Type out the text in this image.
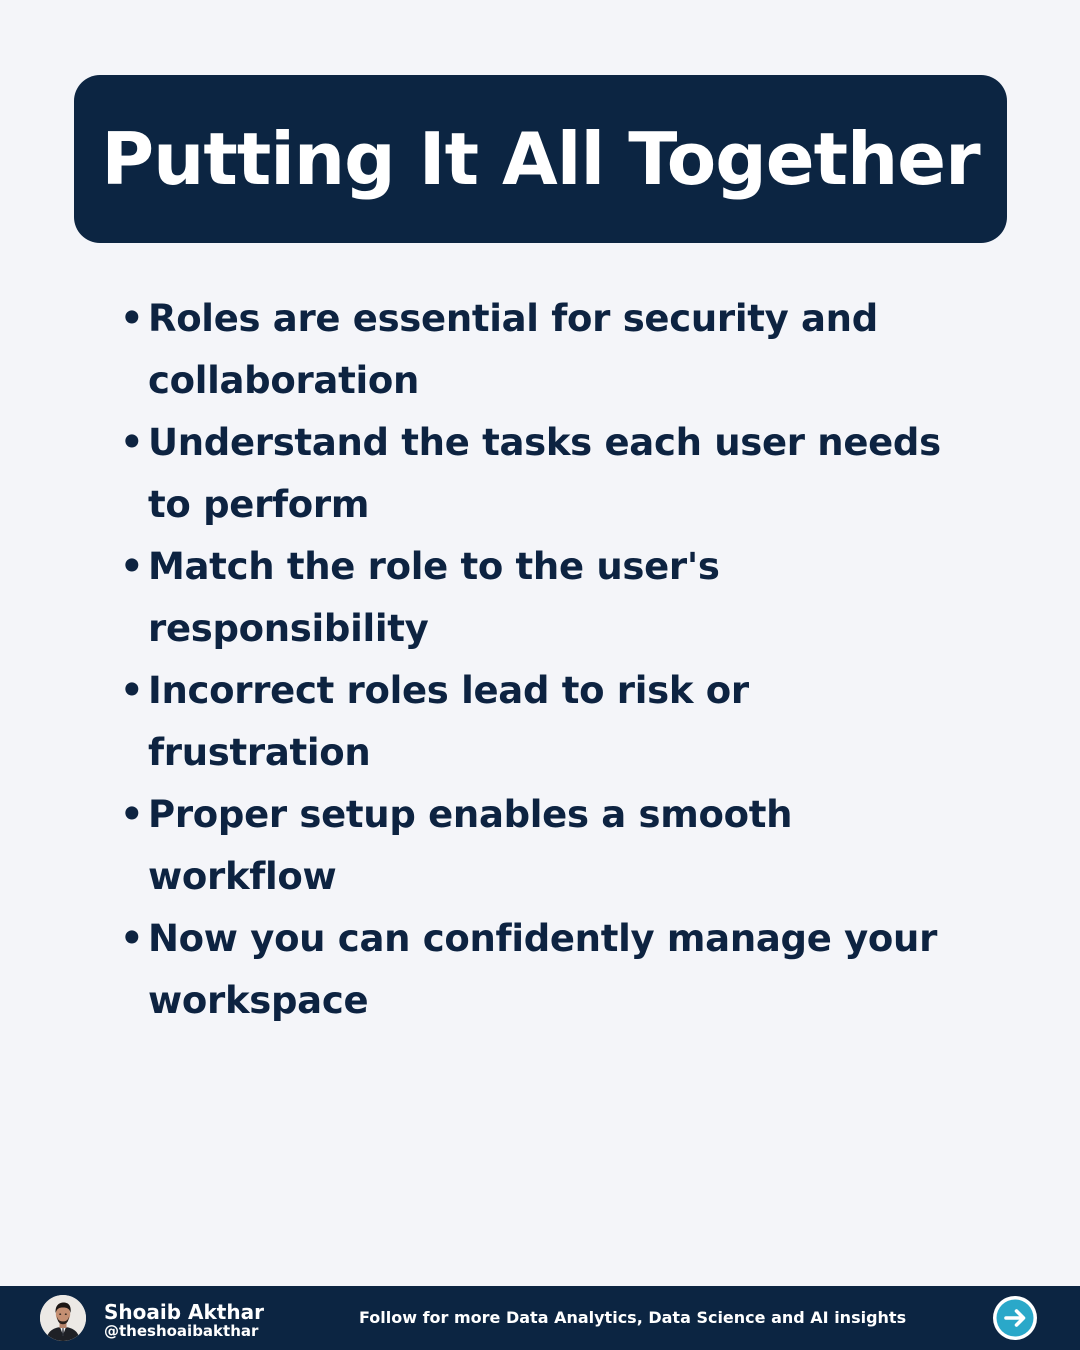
Putting It All Together
• Roles are essential for security and collaboration
• Understand the tasks each user needs to perform
• Match the role to the user's responsibility
• Incorrect roles lead to risk or frustration
• Proper setup enables a smooth workflow
• Now you can confidently manage your workspace
Shoaib Akthar
@theshoaibakthar
Follow for more Data Analytics, Data Science and AI insights
